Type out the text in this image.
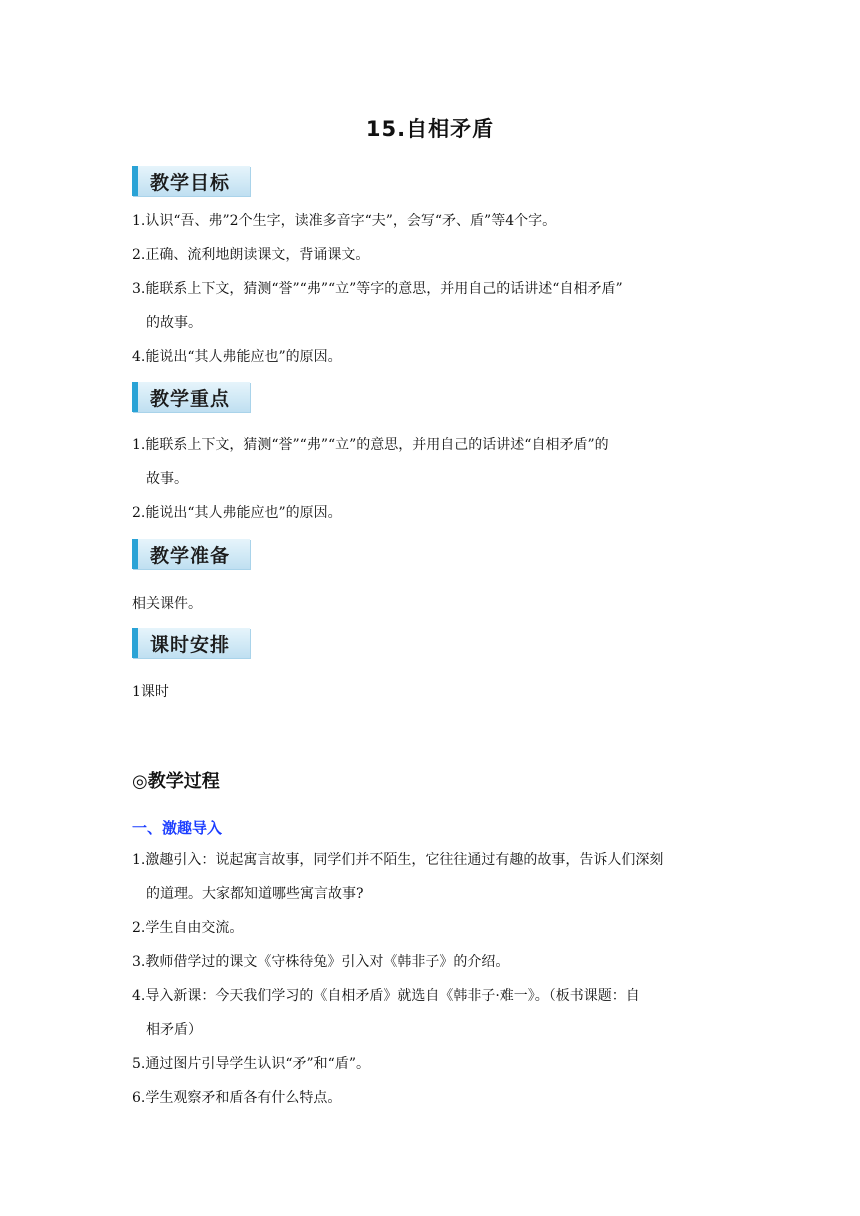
15.自相矛盾
教学目标
1.认识“吾、弗”2个生字，读准多音字“夫”，会写“矛、盾”等4个字。
2.正确、流利地朗读课文，背诵课文。
3.能联系上下文，猜测“誉”“弗”“立”等字的意思，并用自己的话讲述“自相矛盾”
的故事。
4.能说出“其人弗能应也”的原因。
教学重点
1.能联系上下文，猜测“誉”“弗”“立”的意思，并用自己的话讲述“自相矛盾”的
故事。
2.能说出“其人弗能应也”的原因。
教学准备
相关课件。
课时安排
1课时
◎教学过程
一、激趣导入
1.激趣引入：说起寓言故事，同学们并不陌生，它往往通过有趣的故事，告诉人们深刻
的道理。大家都知道哪些寓言故事?
2.学生自由交流。
3.教师借学过的课文《守株待兔》引入对《韩非子》的介绍。
4.导入新课：今天我们学习的《自相矛盾》就选自《韩非子·难一》。（板书课题：自
相矛盾）
5.通过图片引导学生认识“矛”和“盾”。
6.学生观察矛和盾各有什么特点。
